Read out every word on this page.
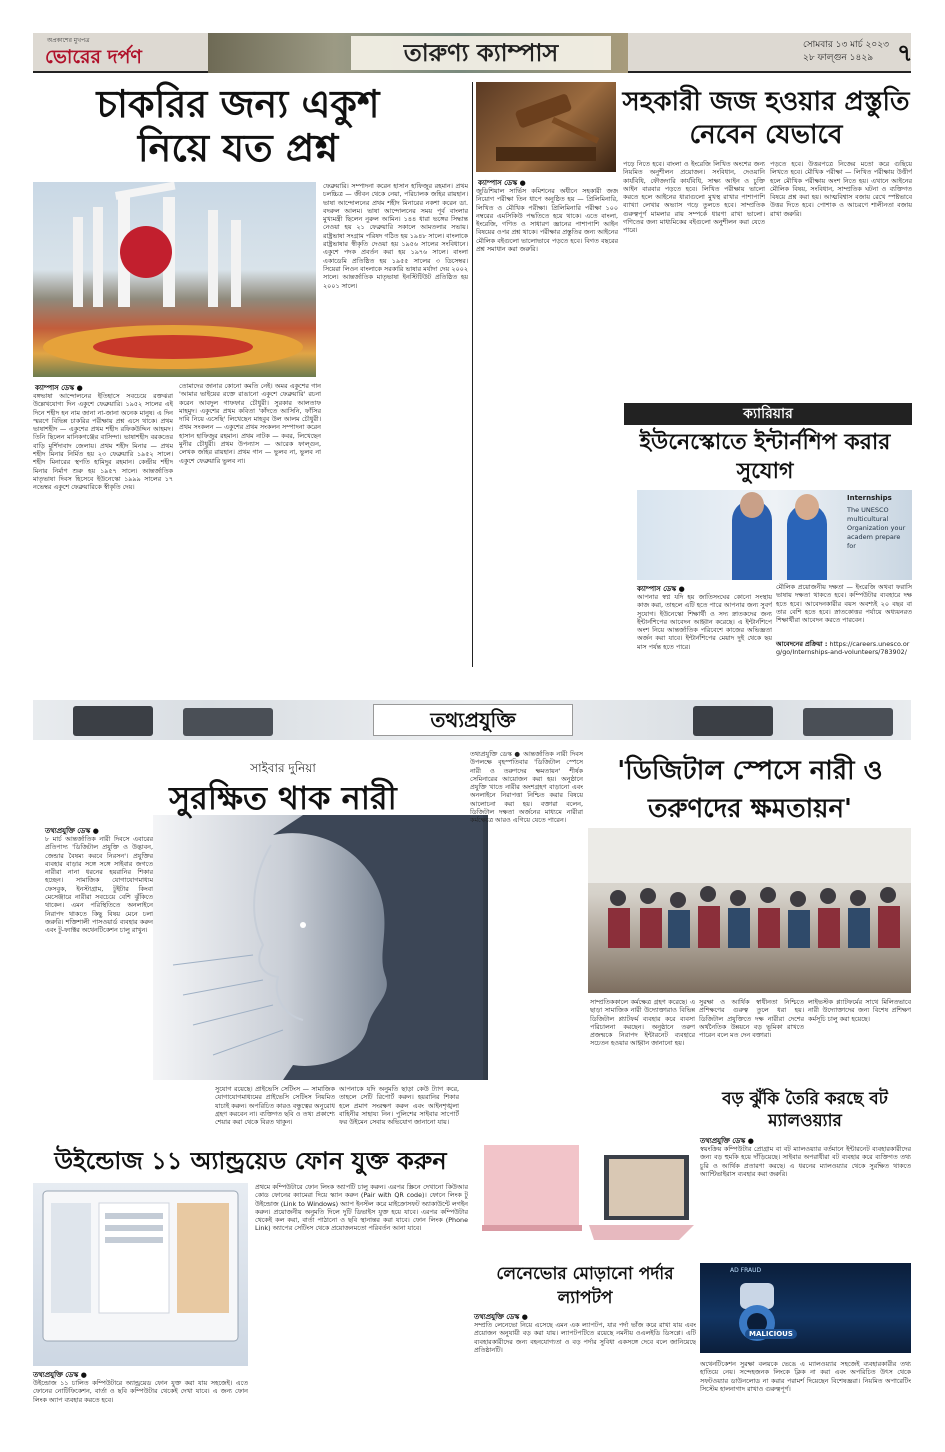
অপ্রকাশের মুখপত্র
ভোরের দর্পণ	তারুণ্য ক্যাম্পাস	সোমবার ১৩ মার্চ ২০২৩
২৮ ফাল্গুন ১৪২৯ ৭
চাকরির জন্য একুশ নিয়ে যত প্রশ্ন
ক্যাম্পাস ডেস্ক ●
বঙ্গভাষা আন্দোলনের ইতিহাসে সবচেয়ে রক্তঝরা উল্লেখযোগ্য দিন একুশে ফেব্রুয়ারি। ১৯৫২ সালের এই দিনে শহীদ হন নাম জানা না-জানা অনেক মানুষ। এ দিন স্মরণে বিভিন্ন চাকরির পরীক্ষায় প্রশ্ন এসে থাকে। প্রথম ভাষাশহীদ — একুশের প্রথম শহীদ রফিকউদ্দিন আহমদ। তিনি ছিলেন মানিকগঞ্জের বাসিন্দা। ভাষাশহীদ বরকতের বাড়ি মুর্শিদাবাদ জেলায়। প্রথম শহীদ মিনার — প্রথম শহীদ মিনার নির্মিত হয় ২৩ ফেব্রুয়ারি ১৯৫২ সালে। শহীদ মিনারের স্থপতি হামিদুর রহমান। কেন্দ্রীয় শহীদ মিনার নির্মাণ শুরু হয় ১৯৫৭ সালে। আন্তর্জাতিক মাতৃভাষা দিবস হিসেবে ইউনেস্কো ১৯৯৯ সালের ১৭ নভেম্বর একুশে ফেব্রুয়ারিকে স্বীকৃতি দেয়।
তোমাদের জানার কোনো কমতি নেই। অমর একুশের গান 'আমার ভাইয়ের রক্তে রাঙানো একুশে ফেব্রুয়ারি' রচনা করেন আবদুল গাফফার চৌধুরী। সুরকার আলতাফ মাহমুদ। একুশের প্রথম কবিতা 'কাঁদতে আসিনি, ফাঁসির দাবি নিয়ে এসেছি' লিখেছেন মাহবুব উল আলম চৌধুরী। প্রথম সংকলন — একুশের প্রথম সংকলন সম্পাদনা করেন হাসান হাফিজুর রহমান। প্রথম নাটক — কবর, লিখেছেন মুনীর চৌধুরী। প্রথম উপন্যাস — আরেক ফাল্গুন, লেখক জহির রায়হান। প্রথম গান — ভুলব না, ভুলব না একুশে ফেব্রুয়ারি ভুলব না।
ফেব্রুয়ারি। সম্পাদনা করেন হাসান হাফিজুর রহমান। প্রথম চলচ্চিত্র — জীবন থেকে নেয়া, পরিচালক জহির রায়হান। ভাষা আন্দোলনের প্রথম শহীদ মিনারের নকশা করেন ডা. বদরুল আলম। ভাষা আন্দোলনের সময় পূর্ব বাংলার মুখ্যমন্ত্রী ছিলেন নুরুল আমিন। ১৪৪ ধারা ভঙ্গের সিদ্ধান্ত নেওয়া হয় ২১ ফেব্রুয়ারি সকালে আমতলার সভায়। রাষ্ট্রভাষা সংগ্রাম পরিষদ গঠিত হয় ১৯৪৮ সালে। বাংলাকে রাষ্ট্রভাষার স্বীকৃতি দেওয়া হয় ১৯৫৬ সালের সংবিধানে। একুশে পদক প্রবর্তন করা হয় ১৯৭৬ সালে। বাংলা একাডেমি প্রতিষ্ঠিত হয় ১৯৫৫ সালের ৩ ডিসেম্বর। সিয়েরা লিওন বাংলাকে সরকারি ভাষার মর্যাদা দেয় ২০০২ সালে। আন্তর্জাতিক মাতৃভাষা ইনস্টিটিউট প্রতিষ্ঠিত হয় ২০০১ সালে।
সহকারী জজ হওয়ার প্রস্তুতি নেবেন যেভাবে
ক্যাম্পাস ডেস্ক ●
জুডিশিয়াল সার্ভিস কমিশনের অধীনে সহকারী জজ নিয়োগ পরীক্ষা তিন ধাপে অনুষ্ঠিত হয় — প্রিলিমিনারি, লিখিত ও মৌখিক পরীক্ষা। প্রিলিমিনারি পরীক্ষা ১০০ নম্বরের এমসিকিউ পদ্ধতিতে হয়ে থাকে। এতে বাংলা, ইংরেজি, গণিত ও সাধারণ জ্ঞানের পাশাপাশি আইন বিষয়ের ওপর প্রশ্ন থাকে। পরীক্ষার প্রস্তুতির জন্য আইনের মৌলিক বইগুলো ভালোভাবে পড়তে হবে। বিগত বছরের প্রশ্ন সমাধান করা জরুরি।
পড়ে নিতে হবে। বাংলা ও ইংরেজি লিখিত অংশের জন্য নিয়মিত অনুশীলন প্রয়োজন। সংবিধান, দেওয়ানি কার্যবিধি, ফৌজদারি কার্যবিধি, সাক্ষ্য আইন ও চুক্তি আইন বারবার পড়তে হবে। লিখিত পরীক্ষায় ভালো করতে হলে আইনের ধারাগুলো মুখস্থ রাখার পাশাপাশি ব্যাখ্যা লেখার অভ্যাস গড়ে তুলতে হবে। সাম্প্রতিক গুরুত্বপূর্ণ মামলার রায় সম্পর্কে ধারণা রাখা ভালো। গণিতের জন্য মাধ্যমিকের বইগুলো অনুশীলন করা যেতে পারে।
পড়তে হবে। উত্তরপত্রে নিজের মতো করে গুছিয়ে লিখতে হবে। মৌখিক পরীক্ষা — লিখিত পরীক্ষায় উত্তীর্ণ হলে মৌখিক পরীক্ষায় অংশ নিতে হয়। এখানে আইনের মৌলিক বিষয়, সংবিধান, সাম্প্রতিক ঘটনা ও ব্যক্তিগত বিষয়ে প্রশ্ন করা হয়। আত্মবিশ্বাস বজায় রেখে স্পষ্টভাবে উত্তর দিতে হবে। পোশাক ও আচরণে শালীনতা বজায় রাখা জরুরি।
ক্যারিয়ার
ইউনেস্কোতে ইন্টার্নশিপ করার সুযোগ
Internships
The UNESCO multicultural Organization your academ prepare for
ক্যাম্পাস ডেস্ক ●
আপনার স্বপ্ন যদি হয় জাতিসংঘের কোনো সংস্থায় কাজ করা, তাহলে এটি হতে পারে আপনার জন্য সুবর্ণ সুযোগ। ইউনেস্কো শিক্ষার্থী ও সদ্য স্নাতকদের জন্য ইন্টার্নশিপের আবেদন আহ্বান করেছে। এ ইন্টার্নশিপে অংশ নিয়ে আন্তর্জাতিক পরিবেশে কাজের অভিজ্ঞতা অর্জন করা যাবে। ইন্টার্নশিপের মেয়াদ দুই থেকে ছয় মাস পর্যন্ত হতে পারে।
মৌলিক প্রয়োজনীয় দক্ষতা — ইংরেজি অথবা ফরাসি ভাষায় দক্ষতা থাকতে হবে। কম্পিউটার ব্যবহারে দক্ষ হতে হবে। আবেদনকারীর বয়স অবশ্যই ২০ বছর বা তার বেশি হতে হবে। স্নাতকোত্তর পর্যায়ে অধ্যয়নরত শিক্ষার্থীরা আবেদন করতে পারবেন।
আবেদনের প্রক্রিয়া : https://careers.unesco.org/go/Internships-and-volunteers/783902/
তথ্যপ্রযুক্তি
সাইবার দুনিয়া
সুরক্ষিত থাক নারী
তথ্যপ্রযুক্তি ডেস্ক ●
৮ মার্চ আন্তর্জাতিক নারী দিবসে এবারের প্রতিপাদ্য 'ডিজিটাল প্রযুক্তি ও উদ্ভাবন, জেন্ডার বৈষম্য করবে নিরসন'। প্রযুক্তির ব্যবহার বাড়ার সঙ্গে সঙ্গে সাইবার জগতে নারীরা নানা ধরনের হয়রানির শিকার হচ্ছেন। সামাজিক যোগাযোগমাধ্যম ফেসবুক, ইনস্টাগ্রাম, টুইটার কিংবা মেসেঞ্জারে নারীরা সবচেয়ে বেশি ঝুঁকিতে থাকেন। এমন পরিস্থিতিতে অনলাইনে নিরাপদ থাকতে কিছু বিষয় মেনে চলা জরুরি। শক্তিশালী পাসওয়ার্ড ব্যবহার করুন এবং টু-ফ্যাক্টর অথেনটিকেশন চালু রাখুন।
সুযোগ রয়েছে। প্রাইভেসি সেটিংস — সামাজিক যোগাযোগমাধ্যমের প্রাইভেসি সেটিংস নিয়মিত যাচাই করুন। অপরিচিত কারও বন্ধুত্বের অনুরোধ গ্রহণ করবেন না। ব্যক্তিগত ছবি ও তথ্য প্রকাশ্যে শেয়ার করা থেকে বিরত থাকুন।
আপনাকে যদি অনুমতি ছাড়া কেউ ট্যাগ করে, তাহলে সেটি রিপোর্ট করুন। হয়রানির শিকার হলে প্রমাণ সংরক্ষণ করুন এবং আইনশৃঙ্খলা বাহিনীর সাহায্য নিন। পুলিশের সাইবার সাপোর্ট ফর উইমেন সেবায় অভিযোগ জানানো যায়।
তথ্যপ্রযুক্তি ডেস্ক ● আন্তর্জাতিক নারী দিবস উপলক্ষে বৃহস্পতিবার 'ডিজিটাল স্পেসে নারী ও তরুণদের ক্ষমতায়ন' শীর্ষক সেমিনারের আয়োজন করা হয়। অনুষ্ঠানে প্রযুক্তি খাতে নারীর অংশগ্রহণ বাড়ানো এবং অনলাইনে নিরাপত্তা নিশ্চিত করার বিষয়ে আলোচনা করা হয়। বক্তারা বলেন, ডিজিটাল দক্ষতা অর্জনের মাধ্যমে নারীরা কর্মক্ষেত্রে আরও এগিয়ে যেতে পারেন।
'ডিজিটাল স্পেসে নারী ও তরুণদের ক্ষমতায়ন'
সাম্প্রতিককালে কর্মক্ষেত্র গ্রহণ করেছে। এ ছাড়া সামাজিক নারী উদ্যোক্তারাও বিভিন্ন ডিজিটাল প্ল্যাটফর্ম ব্যবহার করে ব্যবসা পরিচালনা করছেন। অনুষ্ঠানে তরুণ প্রজন্মকে নিরাপদ ইন্টারনেট ব্যবহারে সচেতন হওয়ার আহ্বান জানানো হয়।
সুরক্ষা ও আর্থিক স্বাধীনতা নিশ্চিতে প্রশিক্ষণের গুরুত্ব তুলে ধরা হয়। ডিজিটাল প্রযুক্তিতে দক্ষ নারীরা দেশের অর্থনৈতিক উন্নয়নে বড় ভূমিকা রাখতে পারেন বলে মত দেন বক্তারা।
লাইভস্টক প্ল্যাটফর্মের সাথে মিলিতভাবে নারী উদ্যোক্তাদের জন্য বিশেষ প্রশিক্ষণ কর্মসূচি চালু করা হয়েছে।
বড় ঝুঁকি তৈরি করছে বট ম্যালওয়্যার
তথ্যপ্রযুক্তি ডেস্ক ●
স্বয়ংক্রিয় কম্পিউটার প্রোগ্রাম বা বট ম্যালওয়্যার বর্তমানে ইন্টারনেট ব্যবহারকারীদের জন্য বড় হুমকি হয়ে দাঁড়িয়েছে। সাইবার অপরাধীরা বট ব্যবহার করে ব্যক্তিগত তথ্য চুরি ও আর্থিক প্রতারণা করছে। এ ধরনের ম্যালওয়্যার থেকে সুরক্ষিত থাকতে অ্যান্টিভাইরাস ব্যবহার করা জরুরি।
MALICIOUS
AD FRAUD
অথেনটিকেশন সুরক্ষা বলয়কে ভেঙে এ ম্যালওয়্যার সহজেই ব্যবহারকারীর তথ্য হাতিয়ে নেয়। সন্দেহজনক লিংকে ক্লিক না করা এবং অপরিচিত উৎস থেকে সফটওয়্যার ডাউনলোড না করার পরামর্শ দিয়েছেন বিশেষজ্ঞরা। নিয়মিত অপারেটিং সিস্টেম হালনাগাদ রাখাও গুরুত্বপূর্ণ।
লেনেভোর মোড়ানো পর্দার ল্যাপটপ
তথ্যপ্রযুক্তি ডেস্ক ●
সম্প্রতি লেনেভো নিয়ে এসেছে এমন এক ল্যাপটপ, যার পর্দা ভাঁজ করে রাখা যায় এবং প্রয়োজন অনুযায়ী বড় করা যায়। ল্যাপটপটিতে রয়েছে নমনীয় ওএলইডি ডিসপ্লে। এটি ব্যবহারকারীদের জন্য বহনযোগ্যতা ও বড় পর্দার সুবিধা একসঙ্গে দেবে বলে জানিয়েছে প্রতিষ্ঠানটি।
উইন্ডোজ ১১ অ্যান্ড্রয়েড ফোন যুক্ত করুন
তথ্যপ্রযুক্তি ডেস্ক ●
উইন্ডোজ ১১ চালিত কম্পিউটারে অ্যান্ড্রয়েড ফোন যুক্ত করা যায় সহজেই। এতে ফোনের নোটিফিকেশন, বার্তা ও ছবি কম্পিউটার থেকেই দেখা যাবে। এ জন্য ফোন লিংক অ্যাপ ব্যবহার করতে হবে।
প্রথমে কম্পিউটারে ফোন লিংক অ্যাপটি চালু করুন। এরপর স্ক্রিনে দেখানো কিউআর কোড ফোনের ক্যামেরা দিয়ে স্ক্যান করুন (Pair with QR code)। ফোনে লিংক টু উইন্ডোজ (Link to Windows) অ্যাপ ইনস্টল করে মাইক্রোসফট অ্যাকাউন্টে লগইন করুন। প্রয়োজনীয় অনুমতি দিলে দুটি ডিভাইস যুক্ত হয়ে যাবে। এরপর কম্পিউটার থেকেই কল করা, বার্তা পাঠানো ও ছবি স্থানান্তর করা যাবে। ফোন লিংক (Phone Link) অ্যাপের সেটিংস থেকে প্রয়োজনমতো পরিবর্তন আনা যাবে।
